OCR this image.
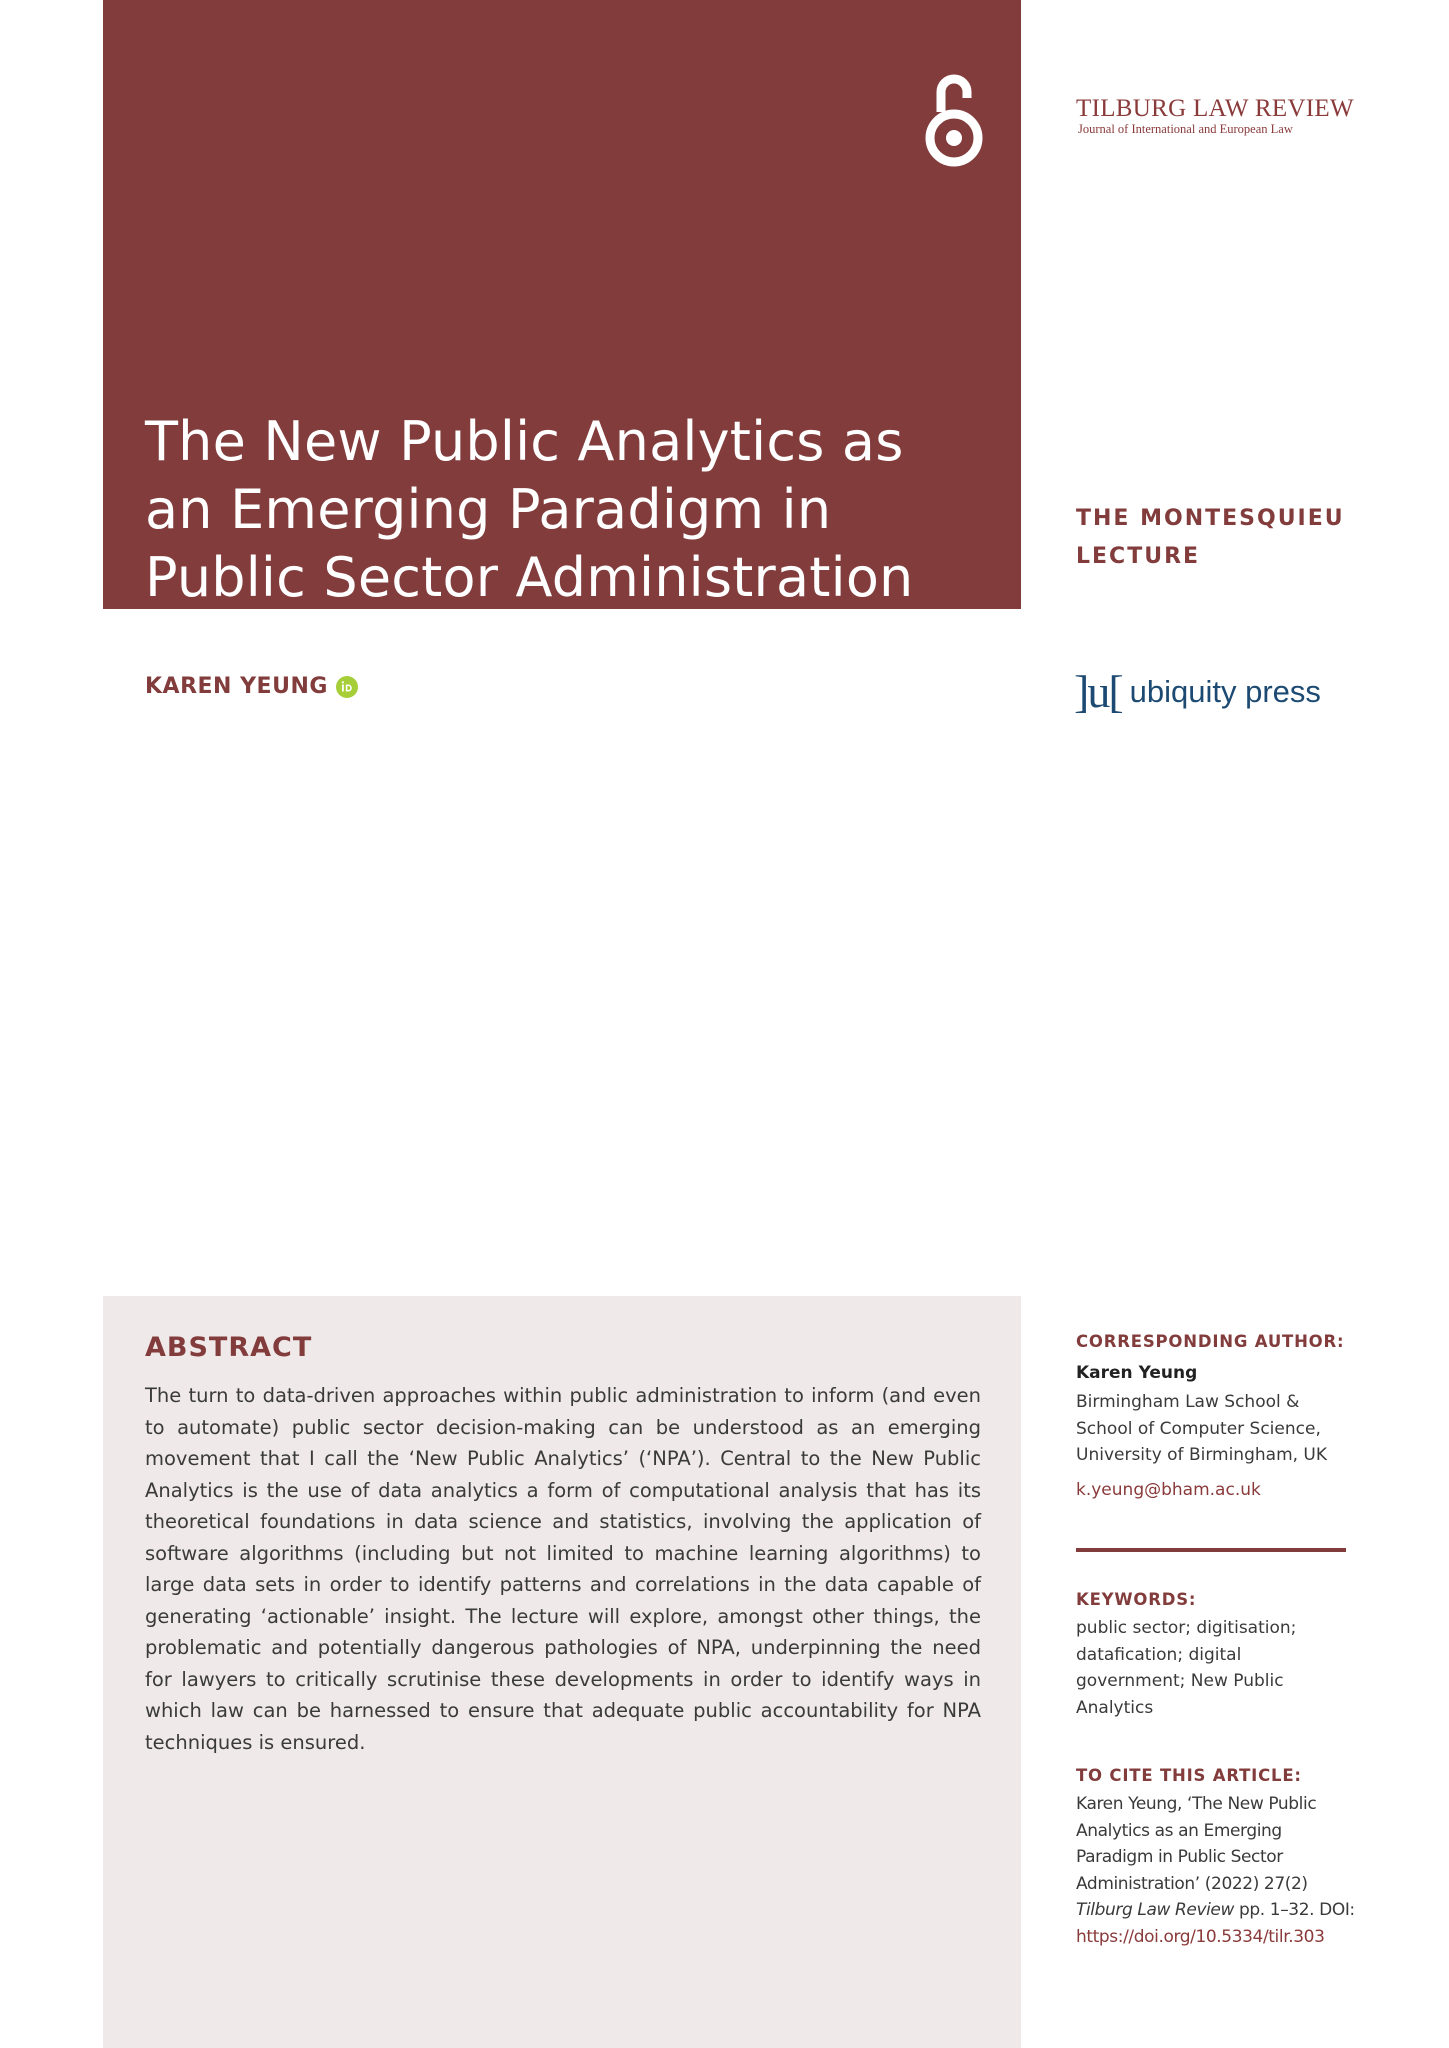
The New Public Analytics as
an Emerging Paradigm in
Public Sector Administration
TILBURG LAW REVIEW
Journal of International and European Law
THE MONTESQUIEU
LECTURE
KAREN YEUNG	]u[ ubiquity press
ABSTRACT
The turn to data-driven approaches within public administration to inform (and even to automate) public sector decision-making can be understood as an emerging movement that I call the ‘New Public Analytics’ (‘NPA’). Central to the New Public Analytics is the use of data analytics a form of computational analysis that has its theoretical foundations in data science and statistics, involving the application of software algorithms (including but not limited to machine learning algorithms) to large data sets in order to identify patterns and correlations in the data capable of generating ‘actionable’ insight. The lecture will explore, amongst other things, the problematic and potentially dangerous pathologies of NPA, underpinning the need for lawyers to critically scrutinise these developments in order to identify ways in which law can be harnessed to ensure that adequate public accountability for NPA techniques is ensured.
CORRESPONDING AUTHOR:
Karen Yeung
Birmingham Law School &
School of Computer Science,
University of Birmingham, UK
k.yeung@bham.ac.uk
KEYWORDS:
public sector; digitisation;
datafication; digital
government; New Public
Analytics
TO CITE THIS ARTICLE:
Karen Yeung, ‘The New Public
Analytics as an Emerging
Paradigm in Public Sector
Administration’ (2022) 27(2)
Tilburg Law Review pp. 1–32. DOI:
https://doi.org/10.5334/tilr.303
